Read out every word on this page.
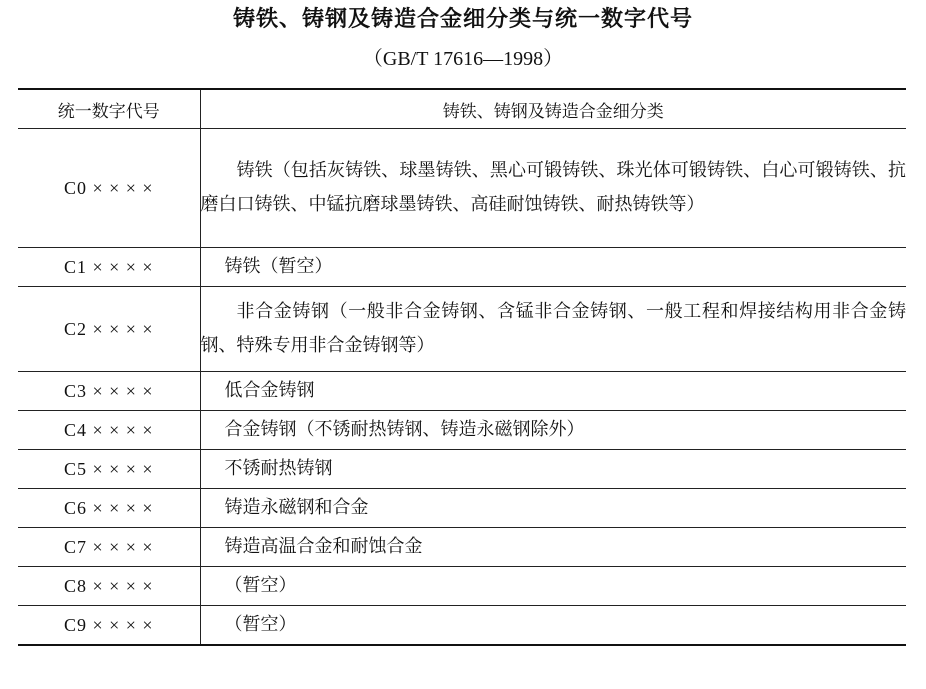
铸铁、铸钢及铸造合金细分类与统一数字代号
（GB/T 17616—1998）
统一数字代号	铸铁、铸钢及铸造合金细分类
C0 × × × ×	铸铁（包括灰铸铁、球墨铸铁、黑心可锻铸铁、珠光体可锻铸铁、白心可锻铸铁、抗磨白口铸铁、中锰抗磨球墨铸铁、高硅耐蚀铸铁、耐热铸铁等）
C1 × × × ×	铸铁（暂空）
C2 × × × ×	非合金铸钢（一般非合金铸钢、含锰非合金铸钢、一般工程和焊接结构用非合金铸钢、特殊专用非合金铸钢等）
C3 × × × ×	低合金铸钢
C4 × × × ×	合金铸钢（不锈耐热铸钢、铸造永磁钢除外）
C5 × × × ×	不锈耐热铸钢
C6 × × × ×	铸造永磁钢和合金
C7 × × × ×	铸造高温合金和耐蚀合金
C8 × × × ×	（暂空）
C9 × × × ×	（暂空）
